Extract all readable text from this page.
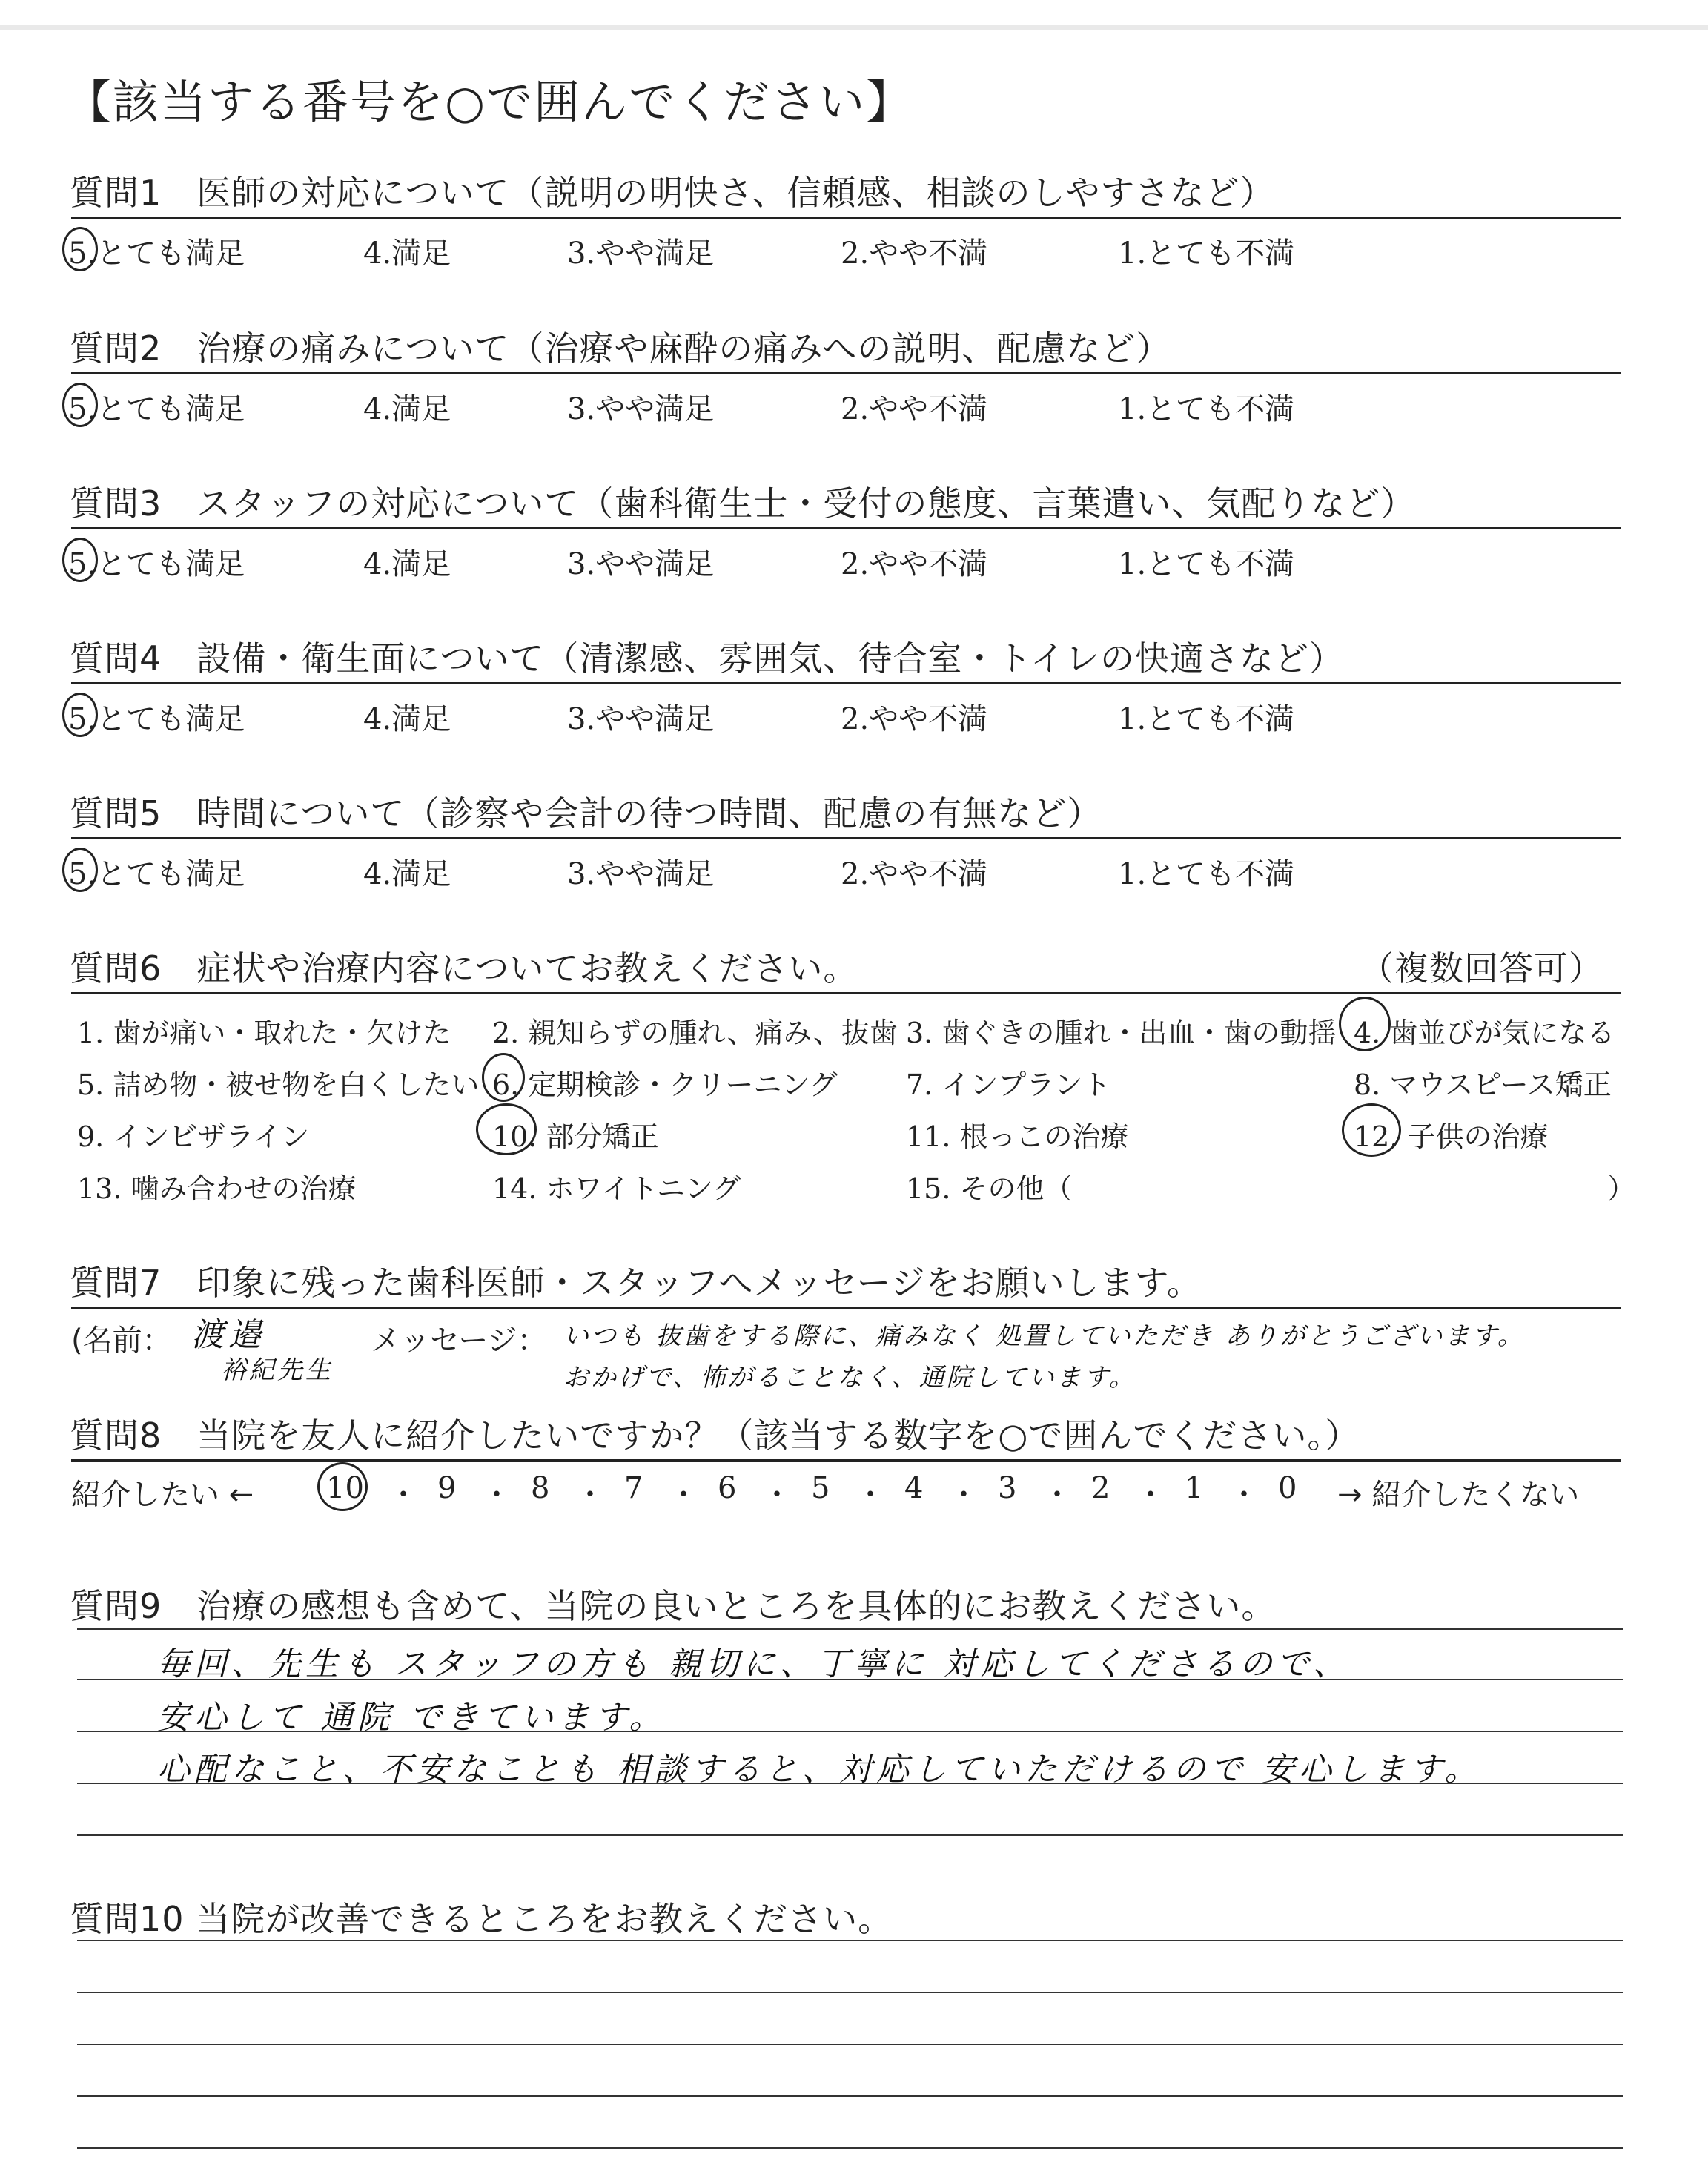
【該当する番号を○で囲んでください】
質問1　医師の対応について（説明の明快さ、信頼感、相談のしやすさなど）
5.とても満足	4.満足	3.やや満足	2.やや不満	1.とても不満
質問2　治療の痛みについて（治療や麻酔の痛みへの説明、配慮など）
5.とても満足	4.満足	3.やや満足	2.やや不満	1.とても不満
質問3　スタッフの対応について（歯科衛生士・受付の態度、言葉遣い、気配りなど）
5.とても満足	4.満足	3.やや満足	2.やや不満	1.とても不満
質問4　設備・衛生面について（清潔感、雰囲気、待合室・トイレの快適さなど）
5.とても満足	4.満足	3.やや満足	2.やや不満	1.とても不満
質問5　時間について（診察や会計の待つ時間、配慮の有無など）
5.とても満足	4.満足	3.やや満足	2.やや不満	1.とても不満
質問6　症状や治療内容についてお教えください。	（複数回答可）
1. 歯が痛い・取れた・欠けた 2. 親知らずの腫れ、痛み、抜歯 3. 歯ぐきの腫れ・出血・歯の動揺 4. 歯並びが気になる
5. 詰め物・被せ物を白くしたい 6. 定期検診・クリーニング 7. インプラント	8. マウスピース矯正
9. インビザライン	10. 部分矯正	11. 根っこの治療	12. 子供の治療
13. 噛み合わせの治療	14. ホワイトニング	15. その他（	）
質問7　印象に残った歯科医師・スタッフへメッセージをお願いします。
(名前： 渡邉
裕紀先生
メッセージ： いつも 抜歯をする際に、痛みなく 処置していただき ありがとうございます。
おかげで、怖がることなく、通院しています。
質問8　当院を友人に紹介したいですか？（該当する数字を○で囲んでください。）
紹介したい ← 10 ・ 9 ・ 8 ・ 7 ・ 6 ・ 5 ・ 4 ・ 3 ・ 2 ・ 1 ・ 0 → 紹介したくない
質問9　治療の感想も含めて、当院の良いところを具体的にお教えください。
毎回、先生も スタッフの方も 親切に、丁寧に 対応してくださるので、
安心して 通院 できています。
心配なこと、不安なことも 相談すると、対応していただけるので 安心します。
質問10 当院が改善できるところをお教えください。
